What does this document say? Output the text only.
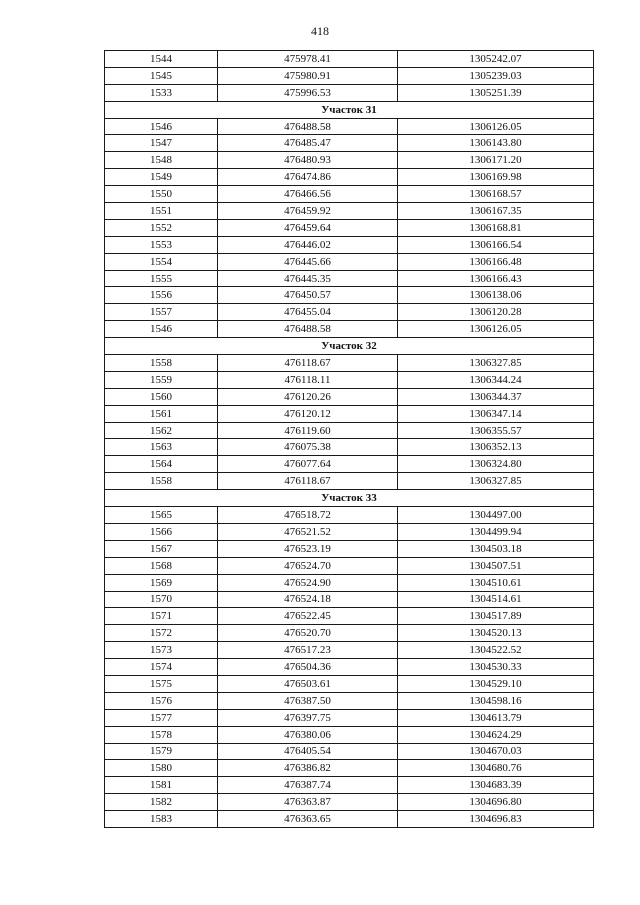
418
1544	475978.41	1305242.07
1545	475980.91	1305239.03
1533	475996.53	1305251.39
Участок 31		
1546	476488.58	1306126.05
1547	476485.47	1306143.80
1548	476480.93	1306171.20
1549	476474.86	1306169.98
1550	476466.56	1306168.57
1551	476459.92	1306167.35
1552	476459.64	1306168.81
1553	476446.02	1306166.54
1554	476445.66	1306166.48
1555	476445.35	1306166.43
1556	476450.57	1306138.06
1557	476455.04	1306120.28
1546	476488.58	1306126.05
Участок 32		
1558	476118.67	1306327.85
1559	476118.11	1306344.24
1560	476120.26	1306344.37
1561	476120.12	1306347.14
1562	476119.60	1306355.57
1563	476075.38	1306352.13
1564	476077.64	1306324.80
1558	476118.67	1306327.85
Участок 33		
1565	476518.72	1304497.00
1566	476521.52	1304499.94
1567	476523.19	1304503.18
1568	476524.70	1304507.51
1569	476524.90	1304510.61
1570	476524.18	1304514.61
1571	476522.45	1304517.89
1572	476520.70	1304520.13
1573	476517.23	1304522.52
1574	476504.36	1304530.33
1575	476503.61	1304529.10
1576	476387.50	1304598.16
1577	476397.75	1304613.79
1578	476380.06	1304624.29
1579	476405.54	1304670.03
1580	476386.82	1304680.76
1581	476387.74	1304683.39
1582	476363.87	1304696.80
1583	476363.65	1304696.83
